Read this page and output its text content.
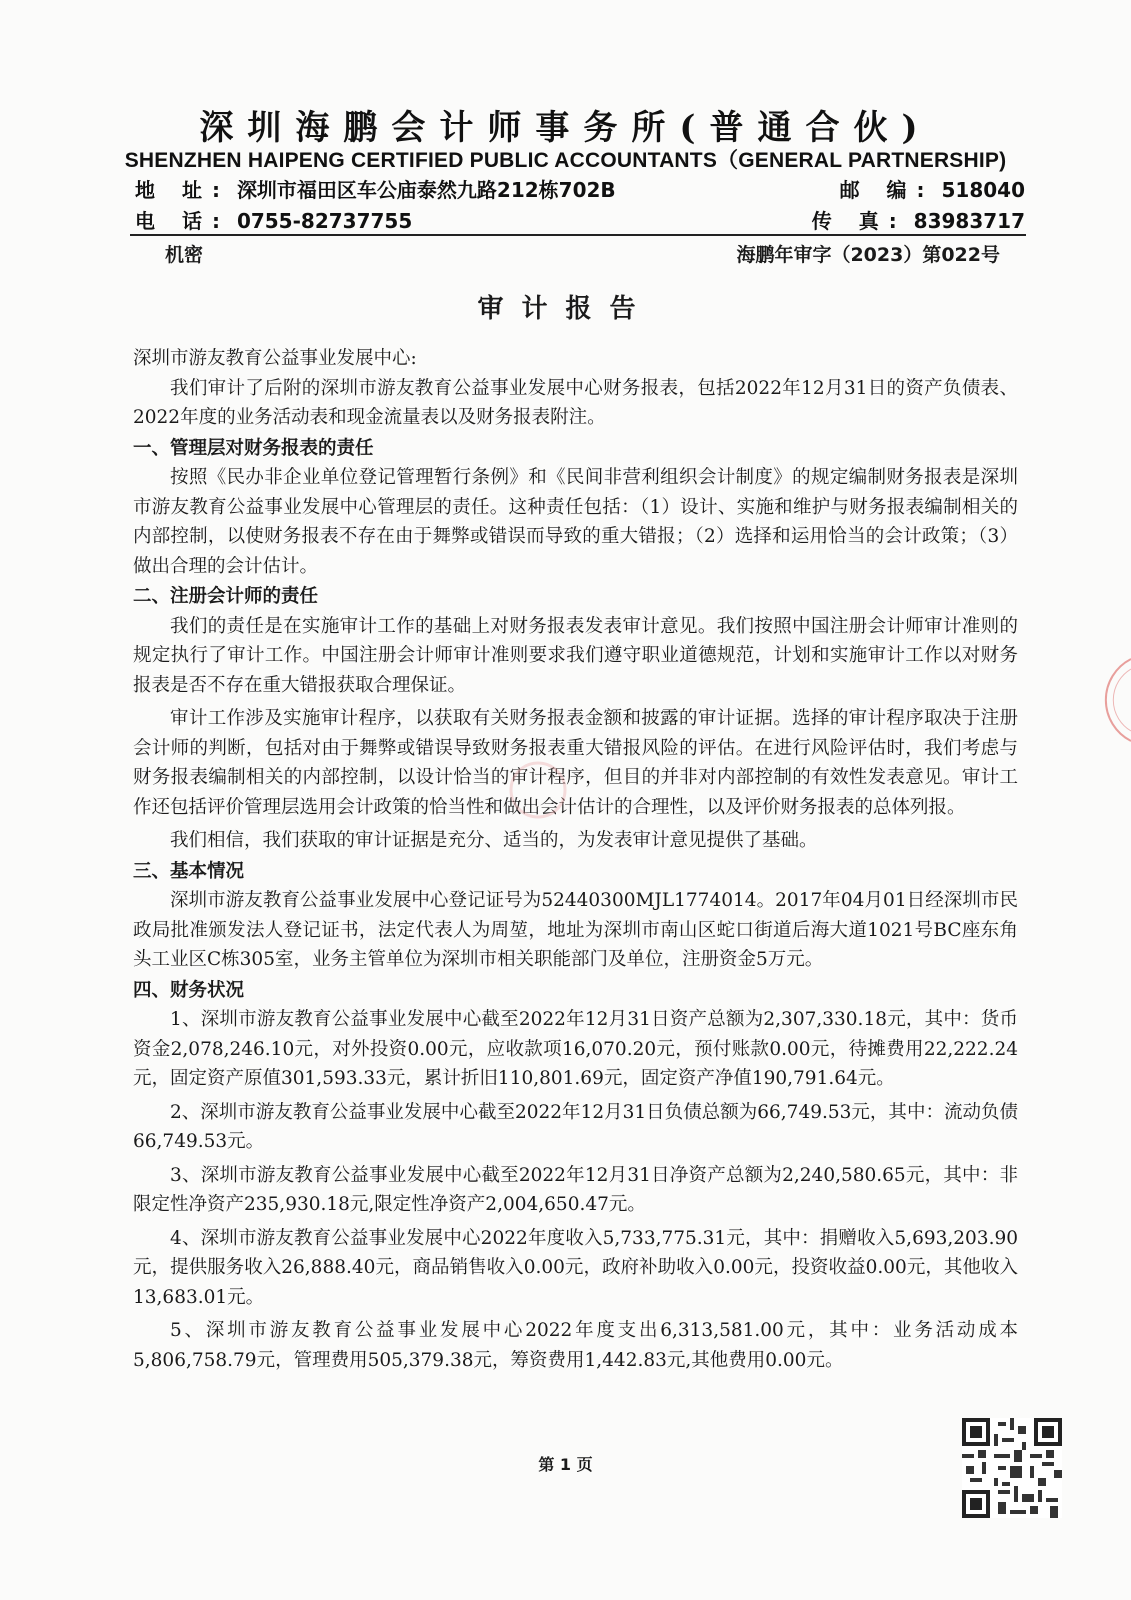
深圳海鹏会计师事务所(普通合伙)
SHENZHEN HAIPENG CERTIFIED PUBLIC ACCOUNTANTS（GENERAL PARTNERSHIP)
地 址: 深圳市福田区车公庙泰然九路212栋702B	邮 编: 518040
电 话: 0755-82737755	传 真: 83983717
机密	海鹏年审字（2023）第022号
审计报告

深圳市游友教育公益事业发展中心:

我们审计了后附的深圳市游友教育公益事业发展中心财务报表，包括2022年12月31日的资产负债表、2022年度的业务活动表和现金流量表以及财务报表附注。

一、管理层对财务报表的责任

按照《民办非企业单位登记管理暂行条例》和《民间非营利组织会计制度》的规定编制财务报表是深圳市游友教育公益事业发展中心管理层的责任。这种责任包括：（1）设计、实施和维护与财务报表编制相关的内部控制，以使财务报表不存在由于舞弊或错误而导致的重大错报；（2）选择和运用恰当的会计政策；（3）做出合理的会计估计。

二、注册会计师的责任

我们的责任是在实施审计工作的基础上对财务报表发表审计意见。我们按照中国注册会计师审计准则的规定执行了审计工作。中国注册会计师审计准则要求我们遵守职业道德规范，计划和实施审计工作以对财务报表是否不存在重大错报获取合理保证。

审计工作涉及实施审计程序，以获取有关财务报表金额和披露的审计证据。选择的审计程序取决于注册会计师的判断，包括对由于舞弊或错误导致财务报表重大错报风险的评估。在进行风险评估时，我们考虑与财务报表编制相关的内部控制，以设计恰当的审计程序，但目的并非对内部控制的有效性发表意见。审计工作还包括评价管理层选用会计政策的恰当性和做出会计估计的合理性，以及评价财务报表的总体列报。

我们相信，我们获取的审计证据是充分、适当的，为发表审计意见提供了基础。

三、基本情况

深圳市游友教育公益事业发展中心登记证号为52440300MJL1774014。2017年04月01日经深圳市民政局批准颁发法人登记证书，法定代表人为周堃，地址为深圳市南山区蛇口街道后海大道1021号BC座东角头工业区C栋305室，业务主管单位为深圳市相关职能部门及单位，注册资金5万元。

四、财务状况

1、深圳市游友教育公益事业发展中心截至2022年12月31日资产总额为2,307,330.18元，其中：货币资金2,078,246.10元，对外投资0.00元，应收款项16,070.20元，预付账款0.00元，待摊费用22,222.24元，固定资产原值301,593.33元，累计折旧110,801.69元，固定资产净值190,791.64元。

2、深圳市游友教育公益事业发展中心截至2022年12月31日负债总额为66,749.53元，其中：流动负债66,749.53元。

3、深圳市游友教育公益事业发展中心截至2022年12月31日净资产总额为2,240,580.65元，其中：非限定性净资产235,930.18元,限定性净资产2,004,650.47元。

4、深圳市游友教育公益事业发展中心2022年度收入5,733,775.31元，其中：捐赠收入5,693,203.90元，提供服务收入26,888.40元，商品销售收入0.00元，政府补助收入0.00元，投资收益0.00元，其他收入13,683.01元。

5、深圳市游友教育公益事业发展中心2022年度支出6,313,581.00元，其中：业务活动成本5,806,758.79元，管理费用505,379.38元，筹资费用1,442.83元,其他费用0.00元。

第 1 页
